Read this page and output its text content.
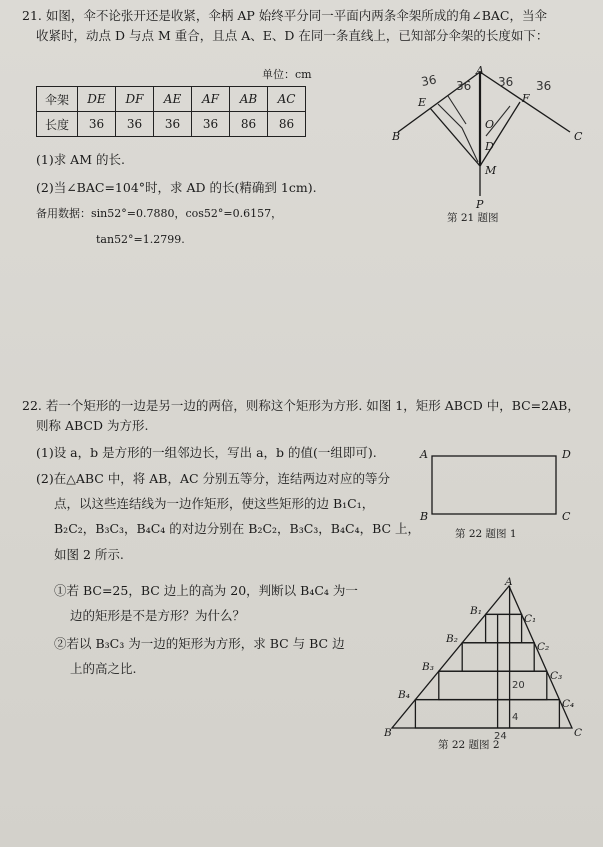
21. 如图，伞不论张开还是收紧，伞柄 AP 始终平分同一平面内两条伞架所成的角∠BAC，当伞
收紧时，动点 D 与点 M 重合，且点 A、E、D 在同一条直线上，已知部分伞架的长度如下：
单位：cm
伞架	DE	DF	AE	AF	AB	AC
长度	36	36	36	36	86	86
(1)求 AM 的长.
(2)当∠BAC=104°时，求 AD 的长(精确到 1cm).
备用数据：sin52°=0.7880，cos52°=0.6157，
tan52°=1.2799.
A
B	C
E	F
O
D
M
P
36 36 36 36
第 21 题图
22. 若一个矩形的一边是另一边的两倍，则称这个矩形为方形. 如图 1，矩形 ABCD 中，BC=2AB，
则称 ABCD 为方形.
(1)设 a，b 是方形的一组邻边长，写出 a，b 的值(一组即可).
(2)在△ABC 中，将 AB，AC 分别五等分，连结两边对应的等分
点，以这些连结线为一边作矩形，使这些矩形的边 B₁C₁，
B₂C₂，B₃C₃，B₄C₄ 的对边分别在 B₂C₂，B₃C₃，B₄C₄，BC 上，
如图 2 所示.
①若 BC=25，BC 边上的高为 20，判断以 B₄C₄ 为一
边的矩形是不是方形？为什么？
②若以 B₃C₃ 为一边的矩形为方形，求 BC 与 BC 边
上的高之比.
A	D
B	C
第 22 题图 1
A
B	C
B₁
B₂
B₃
B₄
C₁
C₂
C₃
C₄
20
4
第 22 题图 2
24
